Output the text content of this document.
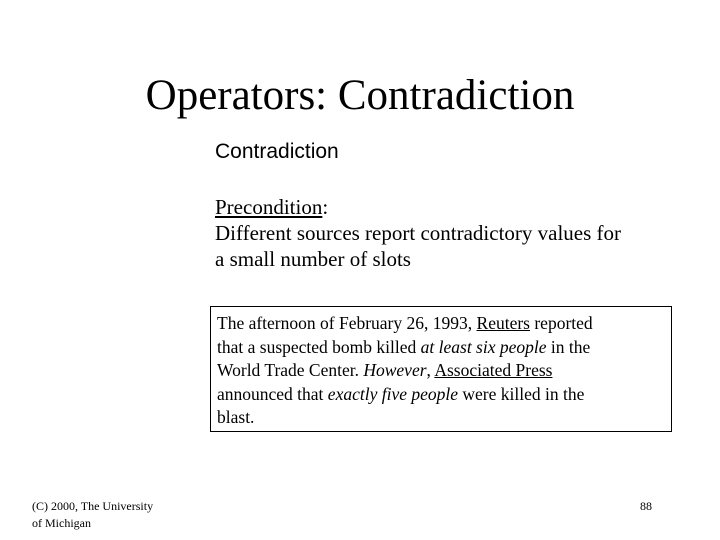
Operators: Contradiction
Contradiction
Precondition:
Different sources report contradictory values for
a small number of slots
The afternoon of February 26, 1993, Reuters reported
that a suspected bomb killed at least six people in the
World Trade Center. However, Associated Press
announced that exactly five people were killed in the
blast.
(C) 2000, The University
of Michigan
88
